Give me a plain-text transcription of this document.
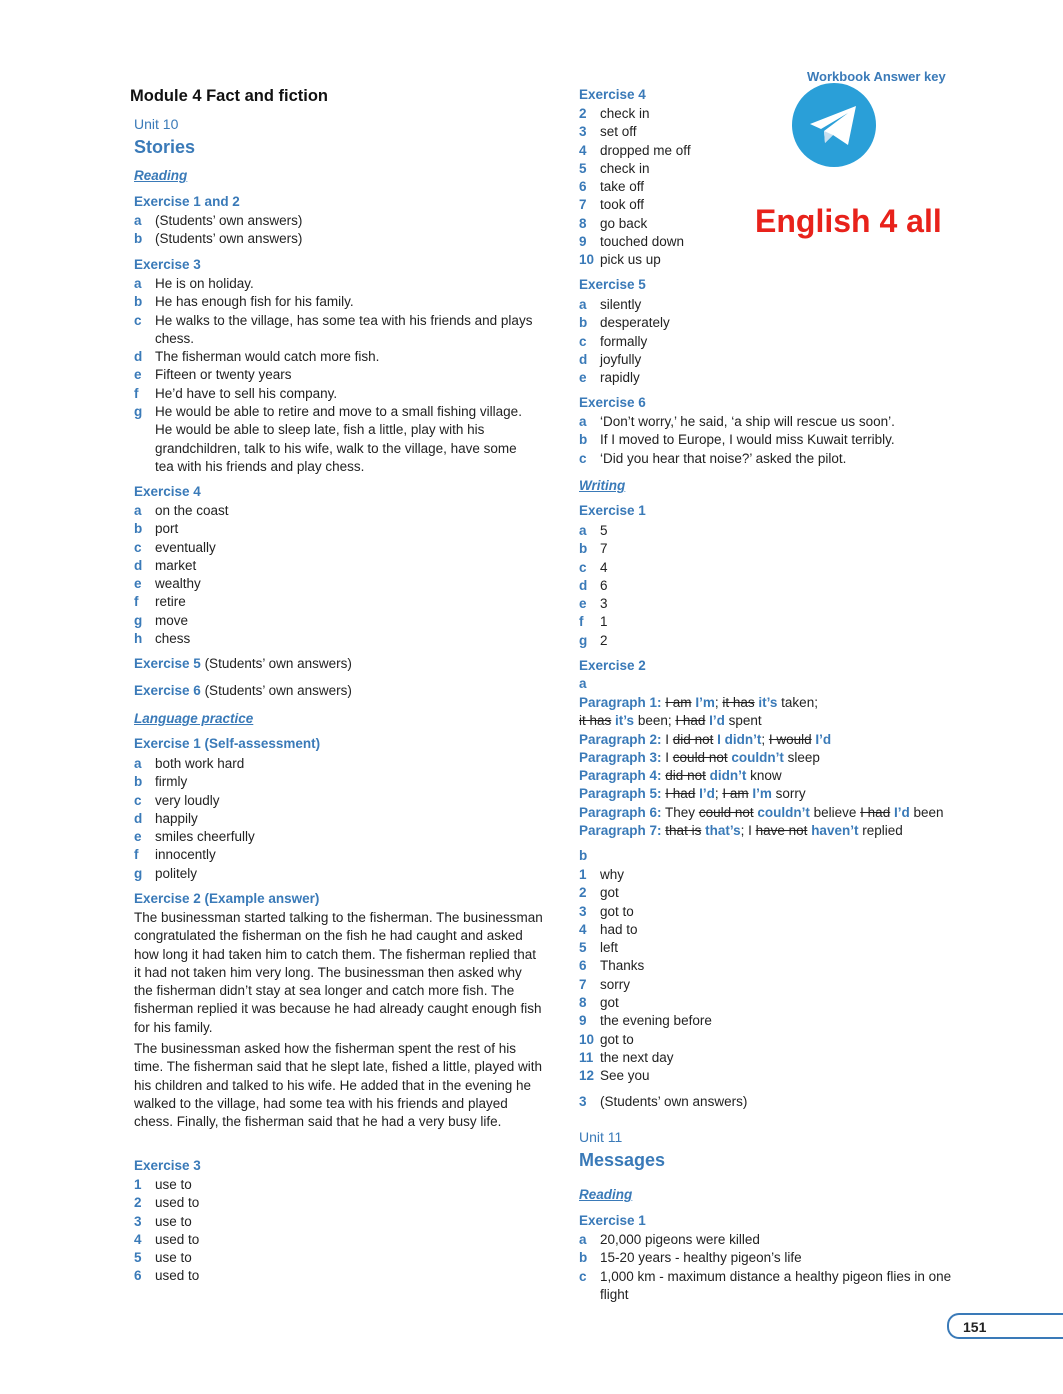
Workbook Answer key
English 4 all
Module 4 Fact and fiction
Unit 10
Stories
Reading
Exercise 1 and 2
a (Students’ own answers)
b (Students’ own answers)
Exercise 3
a He is on holiday.
b He has enough fish for his family.
c He walks to the village, has some tea with his friends and plays chess.
d The fisherman would catch more fish.
e Fifteen or twenty years
f	He’d have to sell his company.
g He would be able to retire and move to a small fishing village. He would be able to sleep late, fish a little, play with his grandchildren, talk to his wife, walk to the village, have some tea with his friends and play chess.
Exercise 4
a on the coast
b port
c eventually
d market
e wealthy
f	retire
g move
h chess
Exercise 5 (Students’ own answers)
Exercise 6 (Students’ own answers)
Language practice
Exercise 1 (Self-assessment)
a both work hard
b firmly
c very loudly
d happily
e smiles cheerfully
f	innocently
g politely
Exercise 2 (Example answer)
The businessman started talking to the fisherman. The businessman congratulated the fisherman on the fish he had caught and asked how long it had taken him to catch them. The fisherman replied that it had not taken him very long. The businessman then asked why the fisherman didn’t stay at sea longer and catch more fish. The fisherman replied it was because he had already caught enough fish for his family.
The businessman asked how the fisherman spent the rest of his time. The fisherman said that he slept late, fished a little, played with his children and talked to his wife. He added that in the evening he walked to the village, had some tea with his friends and played chess. Finally, the fisherman said that he had a very busy life.
Exercise 3
1 use to
2 used to
3 use to
4 used to
5 use to
6 used to
Exercise 4
2 check in
3 set off
4 dropped me off
5 check in
6 take off
7 took off
8 go back
9 touched down
10 pick us up
Exercise 5
a silently
b desperately
c formally
d joyfully
e rapidly
Exercise 6
a ‘Don’t worry,’ he said, ‘a ship will rescue us soon’.
b If I moved to Europe, I would miss Kuwait terribly.
c ‘Did you hear that noise?’ asked the pilot.
Writing
Exercise 1
a 5
b 7
c 4
d 6
e 3
f	1
g 2
Exercise 2
a
Paragraph 1: I am I’m; it has it’s taken;
it has it’s been; I had I’d spent
Paragraph 2: I did not I didn’t; I would I’d
Paragraph 3: I could not couldn’t sleep
Paragraph 4: did not didn’t know
Paragraph 5: I had I’d; I am I’m sorry
Paragraph 6: They could not couldn’t believe I had I’d been
Paragraph 7: that is that’s; I have not haven’t replied
b
1 why
2 got
3 got to
4 had to
5 left
6 Thanks
7 sorry
8 got
9 the evening before
10 got to
11 the next day
12 See you
3 (Students’ own answers)
Unit 11
Messages
Reading
Exercise 1
a 20,000 pigeons were killed
b 15-20 years - healthy pigeon’s life
c 1,000 km - maximum distance a healthy pigeon flies in one flight
151
